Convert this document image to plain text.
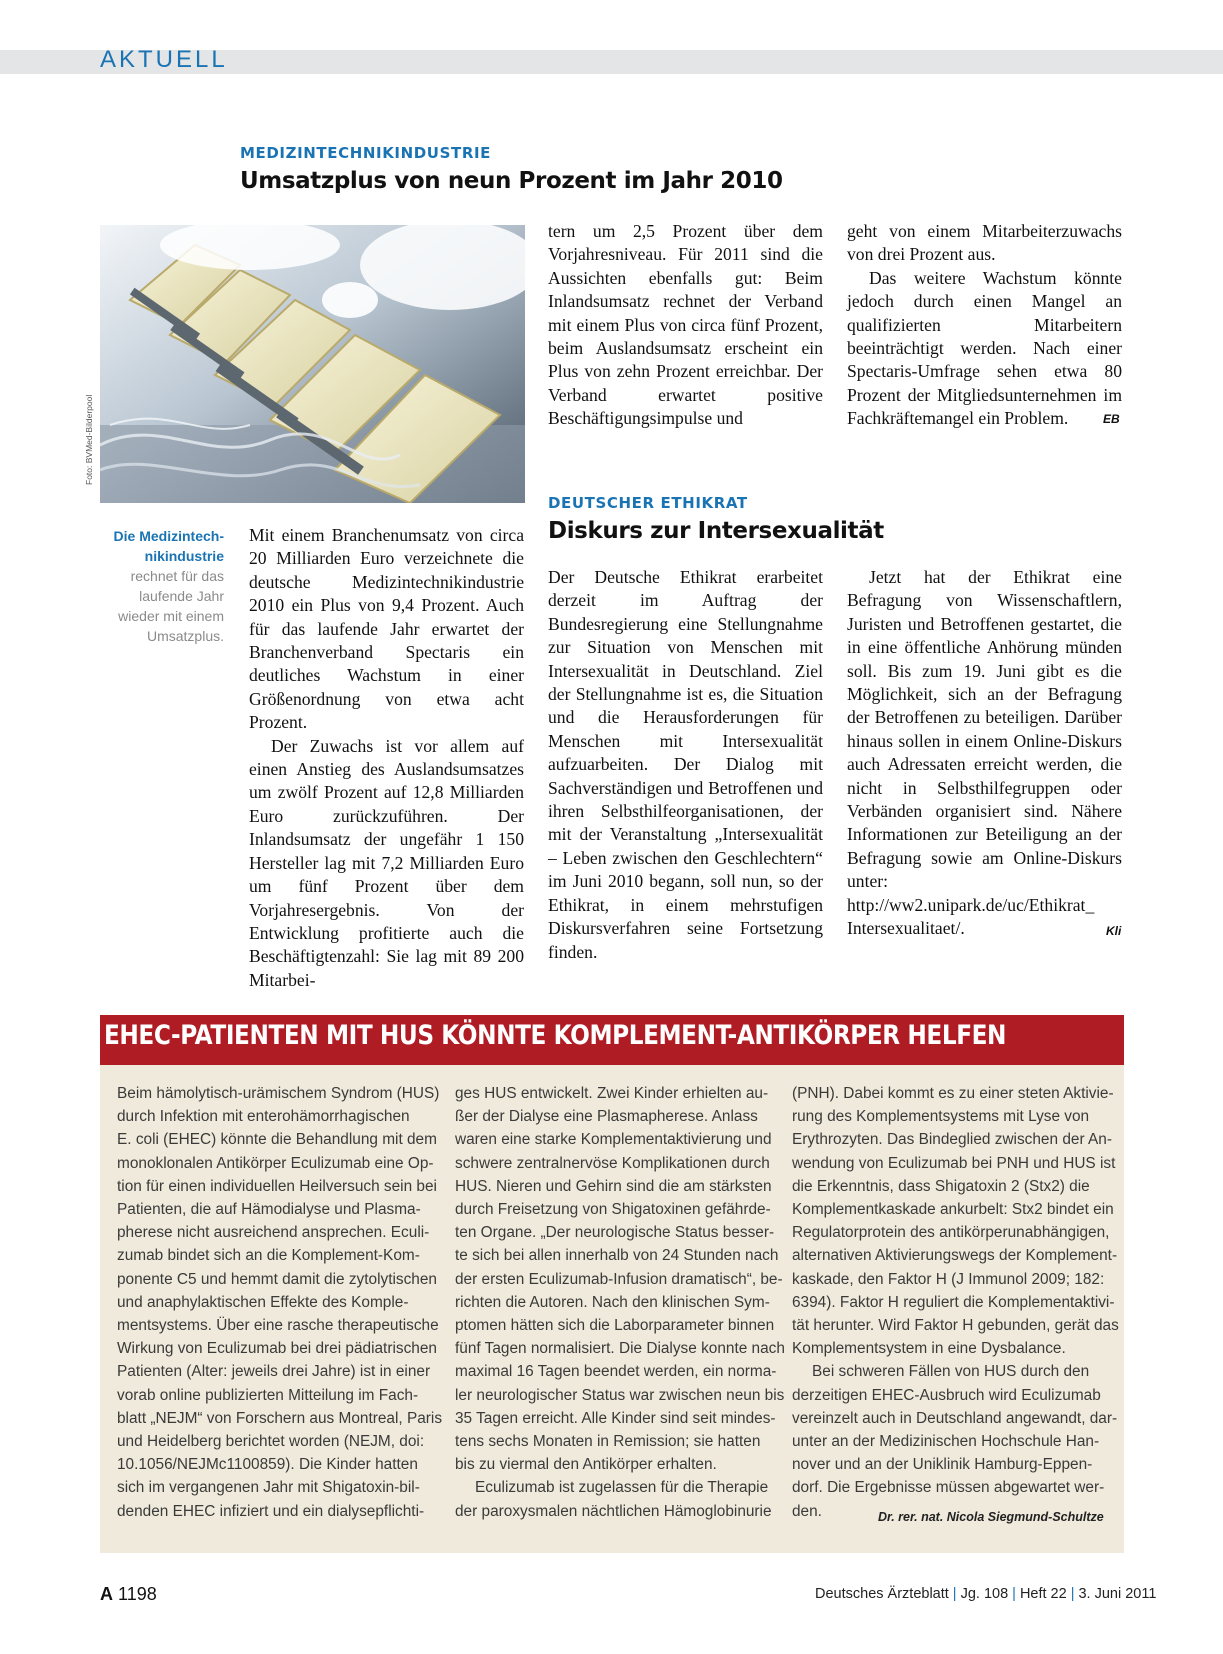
AKTUELL
MEDIZINTECHNIKINDUSTRIE
Umsatzplus von neun Prozent im Jahr 2010
Foto: BVMed-Bilderpool
Die Medizintech- nikindustrie rechnet für das laufende Jahr wieder mit einem Umsatzplus.

Mit einem Branchenumsatz von circa 20 Milliarden Euro verzeichnete die deutsche Medizintechnikindustrie 2010 ein Plus von 9,4 Prozent. Auch für das laufende Jahr erwartet der Branchenverband Spectaris ein deutliches Wachstum in einer Größenordnung von etwa acht Prozent.

Der Zuwachs ist vor allem auf einen Anstieg des Auslandsumsatzes um zwölf Prozent auf 12,8 Milliarden Euro zurückzuführen. Der Inlandsumsatz der ungefähr 1 150 Hersteller lag mit 7,2 Milliarden Euro um fünf Prozent über dem Vorjahresergebnis. Von der Entwicklung profitierte auch die Beschäftigtenzahl: Sie lag mit 89 200 Mitarbei-

tern um 2,5 Prozent über dem Vorjahresniveau. Für 2011 sind die Aussichten ebenfalls gut: Beim Inlandsumsatz rechnet der Verband mit einem Plus von circa fünf Prozent, beim Auslandsumsatz erscheint ein Plus von zehn Prozent erreichbar. Der Verband erwartet positive Beschäftigungsimpulse und

geht von einem Mitarbeiterzuwachs von drei Prozent aus.

Das weitere Wachstum könnte jedoch durch einen Mangel an qualifizierten Mitarbeitern beeinträchtigt werden. Nach einer Spectaris-Umfrage sehen etwa 80 Prozent der Mitgliedsunternehmen im Fachkräftemangel ein Problem.	EB
DEUTSCHER ETHIKRAT
Diskurs zur Intersexualität

Der Deutsche Ethikrat erarbeitet derzeit im Auftrag der Bundesregierung eine Stellungnahme zur Situation von Menschen mit Intersexualität in Deutschland. Ziel der Stellungnahme ist es, die Situation und die Herausforderungen für Menschen mit Intersexualität aufzuarbeiten. Der Dialog mit Sachverständigen und Betroffenen und ihren Selbsthilfeorganisationen, der mit der Veranstaltung „Intersexualität – Leben zwischen den Geschlechtern“ im Juni 2010 begann, soll nun, so der Ethikrat, in einem mehrstufigen Diskursverfahren seine Fortsetzung finden.

Jetzt hat der Ethikrat eine Befragung von Wissenschaftlern, Juristen und Betroffenen gestartet, die in eine öffentliche Anhörung münden soll. Bis zum 19. Juni gibt es die Möglichkeit, sich an der Befragung der Betroffenen zu beteiligen. Darüber hinaus sollen in einem Online-Diskurs auch Adressaten erreicht werden, die nicht in Selbsthilfegruppen oder Verbänden organisiert sind. Nähere Informationen zur Beteiligung an der Befragung sowie am Online-Diskurs unter:

http://ww2.unipark.de/uc/Ethikrat_

Intersexualitaet/.	Kli
EHEC-PATIENTEN MIT HUS KÖNNTE KOMPLEMENT-ANTIKÖRPER HELFEN

Beim hämolytisch-urämischem Syndrom (HUS)

durch Infektion mit enterohämorrhagischen

E. coli (EHEC) könnte die Behandlung mit dem

monoklonalen Antikörper Eculizumab eine Op-

tion für einen individuellen Heilversuch sein bei

Patienten, die auf Hämodialyse und Plasma-

pherese nicht ausreichend ansprechen. Eculi-

zumab bindet sich an die Komplement-Kom-

ponente C5 und hemmt damit die zytolytischen

und anaphylaktischen Effekte des Komple-

mentsystems. Über eine rasche therapeutische

Wirkung von Eculizumab bei drei pädiatrischen

Patienten (Alter: jeweils drei Jahre) ist in einer

vorab online publizierten Mitteilung im Fach-

blatt „NEJM“ von Forschern aus Montreal, Paris

und Heidelberg berichtet worden (NEJM, doi:

10.1056/NEJMc1100859). Die Kinder hatten

sich im vergangenen Jahr mit Shigatoxin-bil-

denden EHEC infiziert und ein dialysepflichti-

ges HUS entwickelt. Zwei Kinder erhielten au-

ßer der Dialyse eine Plasmapherese. Anlass

waren eine starke Komplementaktivierung und

schwere zentralnervöse Komplikationen durch

HUS. Nieren und Gehirn sind die am stärksten

durch Freisetzung von Shigatoxinen gefährde-

ten Organe. „Der neurologische Status besser-

te sich bei allen innerhalb von 24 Stunden nach

der ersten Eculizumab-Infusion dramatisch“, be-

richten die Autoren. Nach den klinischen Sym-

ptomen hätten sich die Laborparameter binnen

fünf Tagen normalisiert. Die Dialyse konnte nach

maximal 16 Tagen beendet werden, ein norma-

ler neurologischer Status war zwischen neun bis

35 Tagen erreicht. Alle Kinder sind seit mindes-

tens sechs Monaten in Remission; sie hatten

bis zu viermal den Antikörper erhalten.

Eculizumab ist zugelassen für die Therapie

der paroxysmalen nächtlichen Hämoglobinurie

(PNH). Dabei kommt es zu einer steten Aktivie-

rung des Komplementsystems mit Lyse von

Erythrozyten. Das Bindeglied zwischen der An-

wendung von Eculizumab bei PNH und HUS ist

die Erkenntnis, dass Shigatoxin 2 (Stx2) die

Komplementkaskade ankurbelt: Stx2 bindet ein

Regulatorprotein des antikörperunabhängigen,

alternativen Aktivierungswegs der Komplement-

kaskade, den Faktor H (J Immunol 2009; 182:

6394). Faktor H reguliert die Komplementaktivi-

tät herunter. Wird Faktor H gebunden, gerät das

Komplementsystem in eine Dysbalance.

Bei schweren Fällen von HUS durch den

derzeitigen EHEC-Ausbruch wird Eculizumab

vereinzelt auch in Deutschland angewandt, dar-

unter an der Medizinischen Hochschule Han-

nover und an der Uniklinik Hamburg-Eppen-

dorf. Die Ergebnisse müssen abgewartet wer-

den.	Dr. rer. nat. Nicola Siegmund-Schultze
A 1198	Deutsches Ärzteblatt | Jg. 108 | Heft 22 | 3. Juni 2011
